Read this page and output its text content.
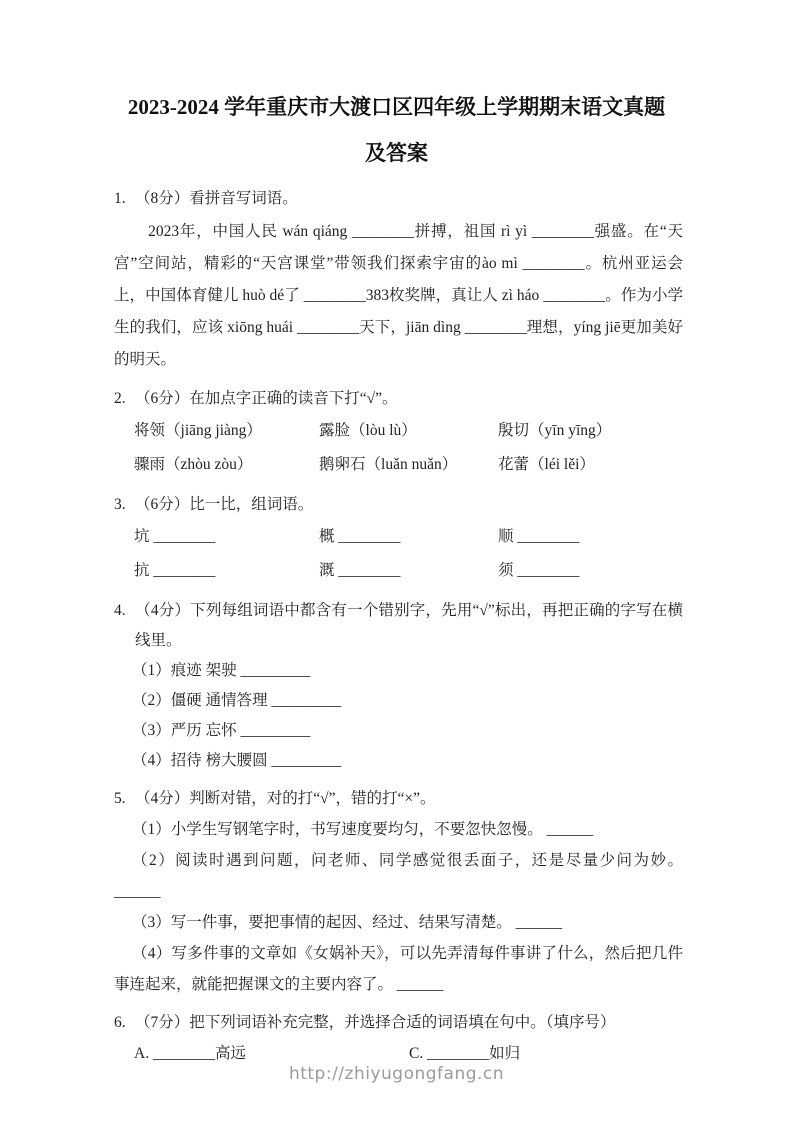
2023-2024 学年重庆市大渡口区四年级上学期期末语文真题
及答案
1. （8分）看拼音写词语。

2023年，中国人民 wán qiáng ________拼搏，祖国 rì yì ________强盛。在“天宫”空间站，精彩的“天宫课堂”带领我们探索宇宙的ào mì ________。杭州亚运会上，中国体育健儿 huò dé了 ________383枚奖牌，真让人 zì háo ________。作为小学生的我们，应该 xiōng huái ________天下，jiān dìng ________理想，yíng jiē更加美好的明天。

2. （6分）在加点字正确的读音下打“√”。
将 ·领（jiāng jiàng）	露 ·脸（lòu lù）	殷 ·切（yīn yīng）
骤 ·雨（zhòu zòu）	鹅卵 ·石（luǎn nuǎn）	花蕾 ·（léi lěi）
3. （6分）比一比，组词语。
坑 ________	概 ________	顺 ________
抗 ________	溉 ________	须 ________
4. （4分）下列每组词语中都含有一个错别字，先用“√”标出，再把正确的字写在横线里。
（1）痕迹 架驶 _________
（2）僵硬 通情答理 _________
（3）严历 忘怀 _________
（4）招待 榜大腰圆 _________
5. （4分）判断对错，对的打“√”，错的打“×”。
（1）小学生写钢笔字时，书写速度要均匀，不要忽快忽慢。 ______
（2）阅读时遇到问题，问老师、同学感觉很丢面子，还是尽量少问为妙。 ______
（3）写一件事，要把事情的起因、经过、结果写清楚。 ______
（4）写多件事的文章如《女娲补天》，可以先弄清每件事讲了什么，然后把几件事连起来，就能把握课文的主要内容了。 ______
6. （7分）把下列词语补充完整，并选择合适的词语填在句中。（填序号）
A. ________高远	C. ________如归
http://zhiyugongfang.cn
